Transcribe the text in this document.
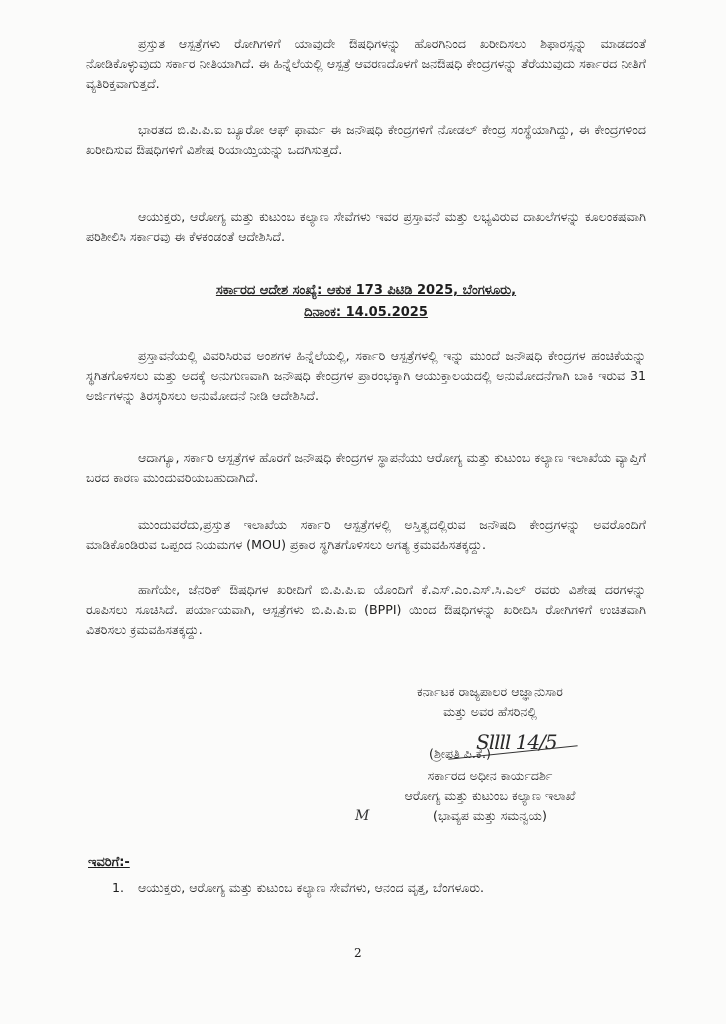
ಪ್ರಸ್ತುತ ಆಸ್ಪತ್ರೆಗಳು ರೋಗಿಗಳಿಗೆ ಯಾವುದೇ ಔಷಧಿಗಳನ್ನು ಹೊರಗಿನಿಂದ ಖರೀದಿಸಲು ಶಿಫಾರಸ್ಸನ್ನು ಮಾಡದಂತೆ ನೋಡಿಕೊಳ್ಳುವುದು ಸರ್ಕಾರ ನೀತಿಯಾಗಿದೆ. ಈ ಹಿನ್ನೆಲೆಯಲ್ಲಿ ಆಸ್ಪತ್ರೆ ಆವರಣದೊಳಗೆ ಜನಔಷಧಿ ಕೇಂದ್ರಗಳನ್ನು ತೆರೆಯುವುದು ಸರ್ಕಾರದ ನೀತಿಗೆ ವ್ಯತಿರಿಕ್ತವಾಗುತ್ತದೆ.

ಭಾರತದ ಬಿ.ಪಿ.ಪಿ.ಐ ಬ್ಯೂರೋ ಆಫ್ ಫಾರ್ಮ ಈ ಜನೌಷಧಿ ಕೇಂದ್ರಗಳಿಗೆ ನೋಡಲ್ ಕೇಂದ್ರ ಸಂಸ್ಥೆಯಾಗಿದ್ದು, ಈ ಕೇಂದ್ರಗಳಿಂದ ಖರೀದಿಸುವ ಔಷಧಿಗಳಿಗೆ ವಿಶೇಷ ರಿಯಾಯ್ತಿಯನ್ನು ಒದಗಿಸುತ್ತದೆ.

ಆಯುಕ್ತರು, ಆರೋಗ್ಯ ಮತ್ತು ಕುಟುಂಬ ಕಲ್ಯಾಣ ಸೇವೆಗಳು ಇವರ ಪ್ರಸ್ತಾವನೆ ಮತ್ತು ಲಭ್ಯವಿರುವ ದಾಖಲೆಗಳನ್ನು ಕೂಲಂಕಷವಾಗಿ ಪರಿಶೀಲಿಸಿ ಸರ್ಕಾರವು ಈ ಕೆಳಕಂಡಂತೆ ಆದೇಶಿಸಿದೆ.

ಸರ್ಕಾರದ ಆದೇಶ ಸಂಖ್ಯೆ: ಆಕುಕ 173 ಪಿಟಿಡಿ 2025, ಬೆಂಗಳೂರು,
ದಿನಾಂಕ: 14.05.2025

ಪ್ರಸ್ತಾವನೆಯಲ್ಲಿ ವಿವರಿಸಿರುವ ಅಂಶಗಳ ಹಿನ್ನೆಲೆಯಲ್ಲಿ, ಸರ್ಕಾರಿ ಆಸ್ಪತ್ರೆಗಳಲ್ಲಿ ಇನ್ನು ಮುಂದೆ ಜನೌಷಧಿ ಕೇಂದ್ರಗಳ ಹಂಚಿಕೆಯನ್ನು ಸ್ಥಗಿತಗೊಳಿಸಲು ಮತ್ತು ಅದಕ್ಕೆ ಅನುಗುಣವಾಗಿ ಜನೌಷಧಿ ಕೇಂದ್ರಗಳ ಪ್ರಾರಂಭಕ್ಕಾಗಿ ಆಯುಕ್ತಾಲಯದಲ್ಲಿ ಅನುಮೋದನೆಗಾಗಿ ಬಾಕಿ ಇರುವ 31 ಅರ್ಜಿಗಳನ್ನು ತಿರಸ್ಕರಿಸಲು ಅನುಮೋದನೆ ನೀಡಿ ಆದೇಶಿಸಿದೆ.

ಆದಾಗ್ಯೂ, ಸರ್ಕಾರಿ ಆಸ್ಪತ್ರೆಗಳ ಹೊರಗೆ ಜನೌಷಧಿ ಕೇಂದ್ರಗಳ ಸ್ಥಾಪನೆಯು ಆರೋಗ್ಯ ಮತ್ತು ಕುಟುಂಬ ಕಲ್ಯಾಣ ಇಲಾಖೆಯ ವ್ಯಾಪ್ತಿಗೆ ಬರದ ಕಾರಣ ಮುಂದುವರಿಯಬಹುದಾಗಿದೆ.

ಮುಂದುವರೆದು,ಪ್ರಸ್ತುತ ಇಲಾಖೆಯ ಸರ್ಕಾರಿ ಆಸ್ಪತ್ರೆಗಳಲ್ಲಿ ಅಸ್ತಿತ್ವದಲ್ಲಿರುವ ಜನೌಷದಿ ಕೇಂದ್ರಗಳನ್ನು ಅವರೊಂದಿಗೆ ಮಾಡಿಕೊಂಡಿರುವ ಒಪ್ಪಂದ ನಿಯಮಗಳ (MOU) ಪ್ರಕಾರ ಸ್ಥಗಿತಗೊಳಿಸಲು ಅಗತ್ಯ ಕ್ರಮವಹಿಸತಕ್ಕದ್ದು.

ಹಾಗೆಯೇ, ಜೆನರಿಕ್ ಔಷಧಿಗಳ ಖರೀದಿಗೆ ಬಿ.ಪಿ.ಪಿ.ಐ ಯೊಂದಿಗೆ ಕೆ.ಎಸ್.ಎಂ.ಎಸ್.ಸಿ.ಎಲ್ ರವರು ವಿಶೇಷ ದರಗಳನ್ನು ರೂಪಿಸಲು ಸೂಚಿಸಿದೆ. ಪರ್ಯಾಯವಾಗಿ, ಆಸ್ಪತ್ರೆಗಳು ಬಿ.ಪಿ.ಪಿ.ಐ (BPPI) ಯಿಂದ ಔಷಧಿಗಳನ್ನು ಖರೀದಿಸಿ ರೋಗಿಗಳಿಗೆ ಉಚಿತವಾಗಿ ವಿತರಿಸಲು ಕ್ರಮವಹಿಸತಕ್ಕದ್ದು.

ಕರ್ನಾಟಕ ರಾಜ್ಯಪಾಲರ ಆಜ್ಞಾನುಸಾರ
ಮತ್ತು ಅವರ ಹೆಸರಿನಲ್ಲಿ
Sllll 14/5
(ಶ್ರೀಪತಿ ಪಿ.ಕೆ.)
ಸರ್ಕಾರದ ಅಧೀನ ಕಾರ್ಯದರ್ಶಿ
ಆರೋಗ್ಯ ಮತ್ತು ಕುಟುಂಬ ಕಲ್ಯಾಣ ಇಲಾಖೆ
(ಭಾವ್ಯಪ ಮತ್ತು ಸಮನ್ವಯ)
M
ಇವರಿಗೆ:-
1. ಆಯುಕ್ತರು, ಆರೋಗ್ಯ ಮತ್ತು ಕುಟುಂಬ ಕಲ್ಯಾಣ ಸೇವೆಗಳು, ಆನಂದ ವೃತ್ತ, ಬೆಂಗಳೂರು.
2
